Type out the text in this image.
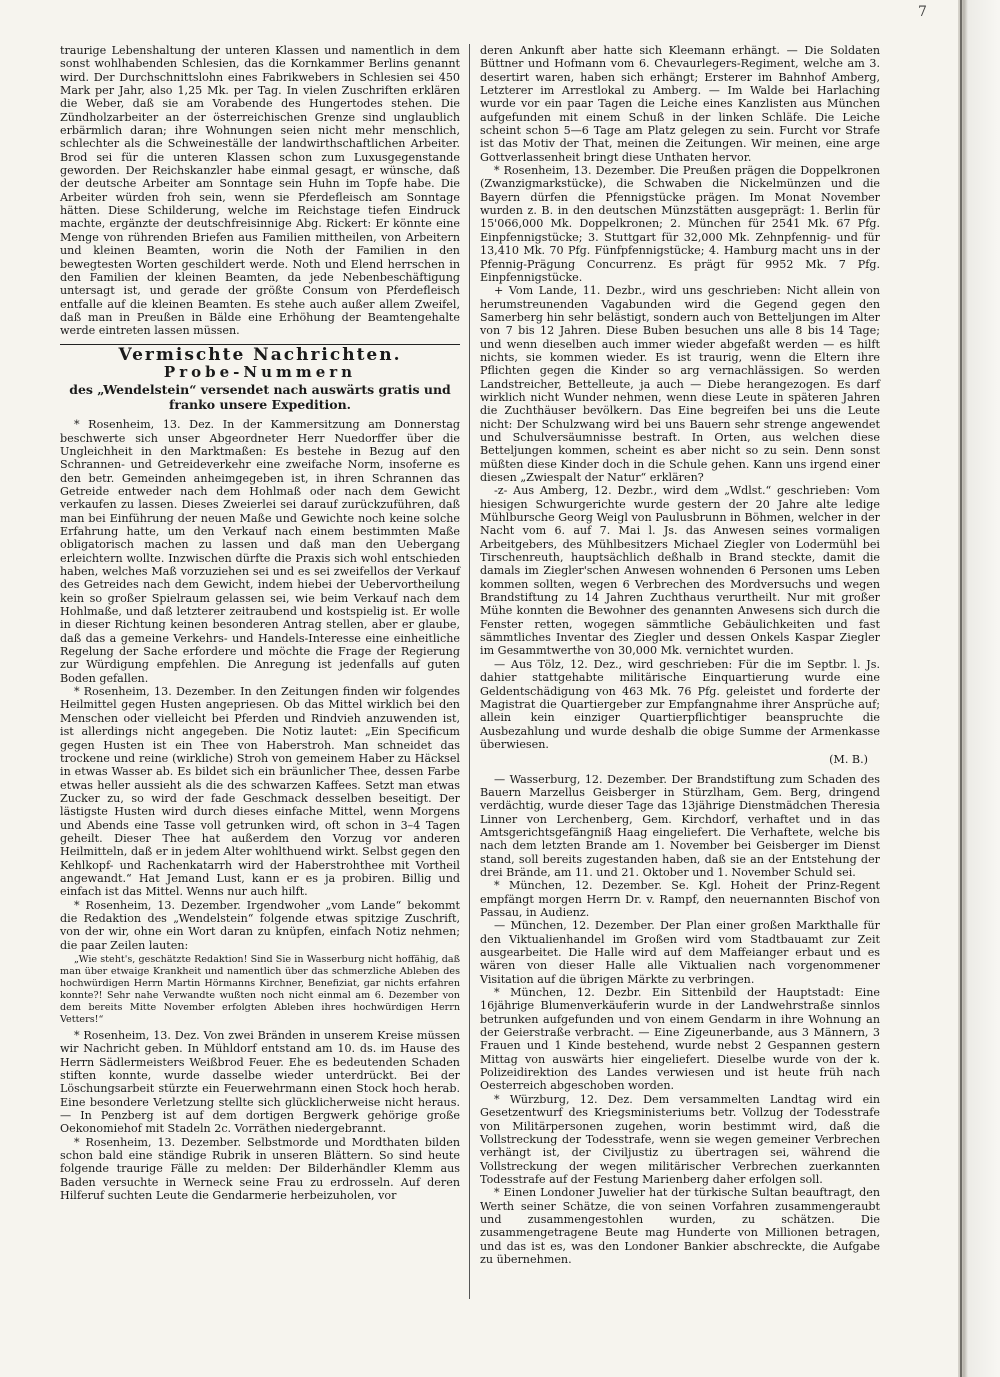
7

traurige Lebenshaltung der unteren Klassen und namentlich in dem sonst wohlhabenden Schlesien, das die Kornkammer Berlins genannt wird. Der Durchschnittslohn eines Fabrikwebers in Schlesien sei 450 Mark per Jahr, also 1,25 Mk. per Tag. In vielen Zuschriften erklären die Weber, daß sie am Vorabende des Hungertodes stehen. Die Zündholzarbeiter an der österreichischen Grenze sind unglaublich erbärmlich daran; ihre Wohnungen seien nicht mehr menschlich, schlechter als die Schweineställe der landwirthschaftlichen Arbeiter. Brod sei für die unteren Klassen schon zum Luxusgegenstande geworden. Der Reichskanzler habe einmal gesagt, er wünsche, daß der deutsche Arbeiter am Sonntage sein Huhn im Topfe habe. Die Arbeiter würden froh sein, wenn sie Pferdefleisch am Sonntage hätten. Diese Schilderung, welche im Reichstage tiefen Eindruck machte, ergänzte der deutschfreisinnige Abg. Rickert: Er könnte eine Menge von rührenden Briefen aus Familien mittheilen, von Arbeitern und kleinen Beamten, worin die Noth der Familien in den bewegtesten Worten geschildert werde. Noth und Elend herrschen in den Familien der kleinen Beamten, da jede Nebenbeschäftigung untersagt ist, und gerade der größte Consum von Pferdefleisch entfalle auf die kleinen Beamten. Es stehe auch außer allem Zweifel, daß man in Preußen in Bälde eine Erhöhung der Beamtengehalte werde eintreten lassen müssen.

Vermischte Nachrichten.
Probe-Nummern
des „Wendelstein“ versendet nach auswärts gratis und franko unsere Expedition.

* Rosenheim, 13. Dez. In der Kammersitzung am Donnerstag beschwerte sich unser Abgeordneter Herr Nuedorffer über die Ungleichheit in den Marktmaßen: Es bestehe in Bezug auf den Schrannen- und Getreideverkehr eine zweifache Norm, insoferne es den betr. Gemeinden anheimgegeben ist, in ihren Schrannen das Getreide entweder nach dem Hohlmaß oder nach dem Gewicht verkaufen zu lassen. Dieses Zweierlei sei darauf zurückzuführen, daß man bei Einführung der neuen Maße und Gewichte noch keine solche Erfahrung hatte, um den Verkauf nach einem bestimmten Maße obligatorisch machen zu lassen und daß man den Uebergang erleichtern wollte. Inzwischen dürfte die Praxis sich wohl entschieden haben, welches Maß vorzuziehen sei und es sei zweifellos der Verkauf des Getreides nach dem Gewicht, indem hiebei der Uebervortheilung kein so großer Spielraum gelassen sei, wie beim Verkauf nach dem Hohlmaße, und daß letzterer zeitraubend und kostspielig ist. Er wolle in dieser Richtung keinen besonderen Antrag stellen, aber er glaube, daß das a gemeine Verkehrs- und Handels-Interesse eine einheitliche Regelung der Sache erfordere und möchte die Frage der Regierung zur Würdigung empfehlen. Die Anregung ist jedenfalls auf guten Boden gefallen.

* Rosenheim, 13. Dezember. In den Zeitungen finden wir folgendes Heilmittel gegen Husten angepriesen. Ob das Mittel wirklich bei den Menschen oder vielleicht bei Pferden und Rindvieh anzuwenden ist, ist allerdings nicht angegeben. Die Notiz lautet: „Ein Specificum gegen Husten ist ein Thee von Haberstroh. Man schneidet das trockene und reine (wirkliche) Stroh von gemeinem Haber zu Häcksel in etwas Wasser ab. Es bildet sich ein bräunlicher Thee, dessen Farbe etwas heller aussieht als die des schwarzen Kaffees. Setzt man etwas Zucker zu, so wird der fade Geschmack desselben beseitigt. Der lästigste Husten wird durch dieses einfache Mittel, wenn Morgens und Abends eine Tasse voll getrunken wird, oft schon in 3–4 Tagen geheilt. Dieser Thee hat außerdem den Vorzug vor anderen Heilmitteln, daß er in jedem Alter wohlthuend wirkt. Selbst gegen den Kehlkopf- und Rachenkatarrh wird der Haberstrohthee mit Vortheil angewandt.“ Hat Jemand Lust, kann er es ja probiren. Billig und einfach ist das Mittel. Wenns nur auch hilft.

* Rosenheim, 13. Dezember. Irgendwoher „vom Lande“ bekommt die Redaktion des „Wendelstein“ folgende etwas spitzige Zuschrift, von der wir, ohne ein Wort daran zu knüpfen, einfach Notiz nehmen; die paar Zeilen lauten:

„Wie steht's, geschätzte Redaktion! Sind Sie in Wasserburg nicht hoffähig, daß man über etwaige Krankheit und namentlich über das schmerzliche Ableben des hochwürdigen Herrn Martin Hörmanns Kirchner, Benefiziat, gar nichts erfahren konnte?! Sehr nahe Verwandte wußten noch nicht einmal am 6. Dezember von dem bereits Mitte November erfolgten Ableben ihres hochwürdigen Herrn Vetters!“

* Rosenheim, 13. Dez. Von zwei Bränden in unserem Kreise müssen wir Nachricht geben. In Mühldorf entstand am 10. ds. im Hause des Herrn Sädlermeisters Weißbrod Feuer. Ehe es bedeutenden Schaden stiften konnte, wurde dasselbe wieder unterdrückt. Bei der Löschungsarbeit stürzte ein Feuerwehrmann einen Stock hoch herab. Eine besondere Verletzung stellte sich glücklicherweise nicht heraus. — In Penzberg ist auf dem dortigen Bergwerk gehörige große Oekonomiehof mit Stadeln 2c. Vorräthen niedergebrannt.

* Rosenheim, 13. Dezember. Selbstmorde und Mordthaten bilden schon bald eine ständige Rubrik in unseren Blättern. So sind heute folgende traurige Fälle zu melden: Der Bilderhändler Klemm aus Baden versuchte in Werneck seine Frau zu erdrosseln. Auf deren Hilferuf suchten Leute die Gendarmerie herbeizuholen, vor

deren Ankunft aber hatte sich Kleemann erhängt. — Die Soldaten Büttner und Hofmann vom 6. Chevaurlegers-Regiment, welche am 3. desertirt waren, haben sich erhängt; Ersterer im Bahnhof Amberg, Letzterer im Arrestlokal zu Amberg. — Im Walde bei Harlaching wurde vor ein paar Tagen die Leiche eines Kanzlisten aus München aufgefunden mit einem Schuß in der linken Schläfe. Die Leiche scheint schon 5—6 Tage am Platz gelegen zu sein. Furcht vor Strafe ist das Motiv der That, meinen die Zeitungen. Wir meinen, eine arge Gottverlassenheit bringt diese Unthaten hervor.

* Rosenheim, 13. Dezember. Die Preußen prägen die Doppelkronen (Zwanzigmarkstücke), die Schwaben die Nickelmünzen und die Bayern dürfen die Pfennigstücke prägen. Im Monat November wurden z. B. in den deutschen Münzstätten ausgeprägt: 1. Berlin für 15'066,000 Mk. Doppelkronen; 2. München für 2541 Mk. 67 Pfg. Einpfennigstücke; 3. Stuttgart für 32,000 Mk. Zehnpfennig- und für 13,410 Mk. 70 Pfg. Fünfpfennigstücke; 4. Hamburg macht uns in der Pfennig-Prägung Concurrenz. Es prägt für 9952 Mk. 7 Pfg. Einpfennigstücke.

+ Vom Lande, 11. Dezbr., wird uns geschrieben: Nicht allein von herumstreunenden Vagabunden wird die Gegend gegen den Samerberg hin sehr belästigt, sondern auch von Betteljungen im Alter von 7 bis 12 Jahren. Diese Buben besuchen uns alle 8 bis 14 Tage; und wenn dieselben auch immer wieder abgefaßt werden — es hilft nichts, sie kommen wieder. Es ist traurig, wenn die Eltern ihre Pflichten gegen die Kinder so arg vernachlässigen. So werden Landstreicher, Bettelleute, ja auch — Diebe herangezogen. Es darf wirklich nicht Wunder nehmen, wenn diese Leute in späteren Jahren die Zuchthäuser bevölkern. Das Eine begreifen bei uns die Leute nicht: Der Schulzwang wird bei uns Bauern sehr strenge angewendet und Schulversäumnisse bestraft. In Orten, aus welchen diese Betteljungen kommen, scheint es aber nicht so zu sein. Denn sonst müßten diese Kinder doch in die Schule gehen. Kann uns irgend einer diesen „Zwiespalt der Natur“ erklären?

-z- Aus Amberg, 12. Dezbr., wird dem „Wdlst.“ geschrieben: Vom hiesigen Schwurgerichte wurde gestern der 20 Jahre alte ledige Mühlbursche Georg Weigl von Paulusbrunn in Böhmen, welcher in der Nacht vom 6. auf 7. Mai l. Js. das Anwesen seines vormaligen Arbeitgebers, des Mühlbesitzers Michael Ziegler von Lodermühl bei Tirschenreuth, hauptsächlich deßhalb in Brand steckte, damit die damals im Ziegler'schen Anwesen wohnenden 6 Personen ums Leben kommen sollten, wegen 6 Verbrechen des Mordversuchs und wegen Brandstiftung zu 14 Jahren Zuchthaus verurtheilt. Nur mit großer Mühe konnten die Bewohner des genannten Anwesens sich durch die Fenster retten, wogegen sämmtliche Gebäulichkeiten und fast sämmtliches Inventar des Ziegler und dessen Onkels Kaspar Ziegler im Gesammtwerthe von 30,000 Mk. vernichtet wurden.

— Aus Tölz, 12. Dez., wird geschrieben: Für die im Septbr. l. Js. dahier stattgehabte militärische Einquartierung wurde eine Geldentschädigung von 463 Mk. 76 Pfg. geleistet und forderte der Magistrat die Quartiergeber zur Empfangnahme ihrer Ansprüche auf; allein kein einziger Quartierpflichtiger beanspruchte die Ausbezahlung und wurde deshalb die obige Summe der Armenkasse überwiesen.

(M. B.)

— Wasserburg, 12. Dezember. Der Brandstiftung zum Schaden des Bauern Marzellus Geisberger in Stürzlham, Gem. Berg, dringend verdächtig, wurde dieser Tage das 13jährige Dienstmädchen Theresia Linner von Lerchenberg, Gem. Kirchdorf, verhaftet und in das Amtsgerichtsgefängniß Haag eingeliefert. Die Verhaftete, welche bis nach dem letzten Brande am 1. November bei Geisberger im Dienst stand, soll bereits zugestanden haben, daß sie an der Entstehung der drei Brände, am 11. und 21. Oktober und 1. November Schuld sei.

* München, 12. Dezember. Se. Kgl. Hoheit der Prinz-Regent empfängt morgen Herrn Dr. v. Rampf, den neuernannten Bischof von Passau, in Audienz.

— München, 12. Dezember. Der Plan einer großen Markthalle für den Viktualienhandel im Großen wird vom Stadtbauamt zur Zeit ausgearbeitet. Die Halle wird auf dem Maffeianger erbaut und es wären von dieser Halle alle Viktualien nach vorgenommener Visitation auf die übrigen Märkte zu verbringen.

* München, 12. Dezbr. Ein Sittenbild der Hauptstadt: Eine 16jährige Blumenverkäuferin wurde in der Landwehrstraße sinnlos betrunken aufgefunden und von einem Gendarm in ihre Wohnung an der Geierstraße verbracht. — Eine Zigeunerbande, aus 3 Männern, 3 Frauen und 1 Kinde bestehend, wurde nebst 2 Gespannen gestern Mittag von auswärts hier eingeliefert. Dieselbe wurde von der k. Polizeidirektion des Landes verwiesen und ist heute früh nach Oesterreich abgeschoben worden.

* Würzburg, 12. Dez. Dem versammelten Landtag wird ein Gesetzentwurf des Kriegsministeriums betr. Vollzug der Todesstrafe von Militärpersonen zugehen, worin bestimmt wird, daß die Vollstreckung der Todesstrafe, wenn sie wegen gemeiner Verbrechen verhängt ist, der Civiljustiz zu übertragen sei, während die Vollstreckung der wegen militärischer Verbrechen zuerkannten Todesstrafe auf der Festung Marienberg daher erfolgen soll.

* Einen Londoner Juwelier hat der türkische Sultan beauftragt, den Werth seiner Schätze, die von seinen Vorfahren zusammengeraubt und zusammengestohlen wurden, zu schätzen. Die zusammengetragene Beute mag Hunderte von Millionen betragen, und das ist es, was den Londoner Bankier abschreckte, die Aufgabe zu übernehmen.
